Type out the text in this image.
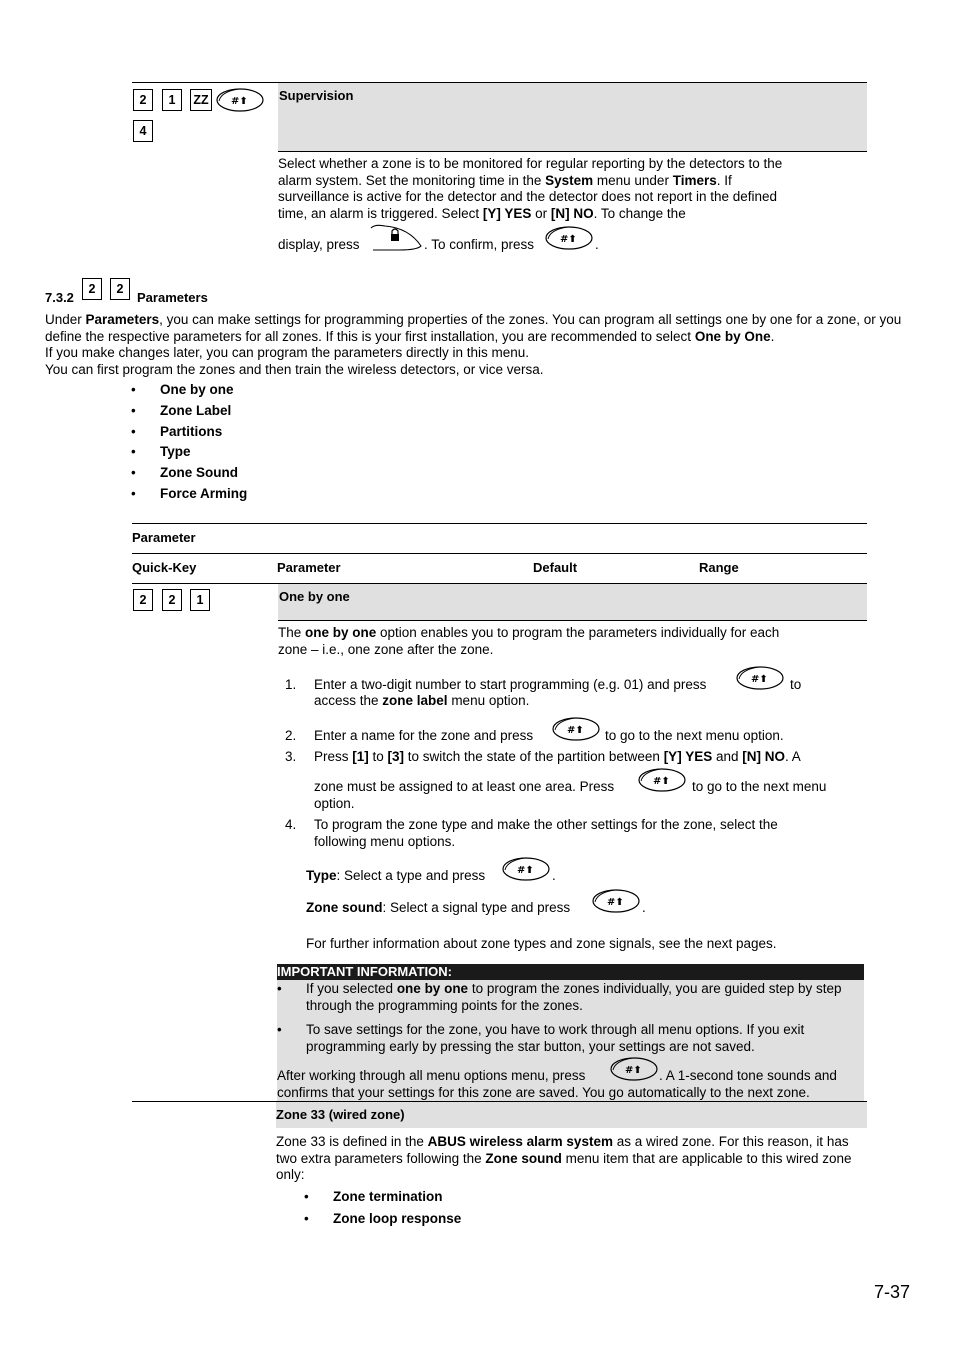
2	1	ZZ	#⬆
4
Supervision
Select whether a zone is to be monitored for regular reporting by the detectors to the alarm system. Set the monitoring time in the System menu under Timers. If surveillance is active for the detector and the detector does not report in the defined time, an alarm is triggered. Select [Y] YES or [N] NO. To change the
display, press	. To confirm, press	#⬆ .
7.3.2
2	2
Parameters
Under Parameters, you can make settings for programming properties of the zones. You can program all settings one by one for a zone, or you define the respective parameters for all zones. If this is your first installation, you are recommended to select One by One.
If you make changes later, you can program the parameters directly in this menu.
You can first program the zones and then train the wireless detectors, or vice versa.
• One by one
• Zone Label
• Partitions
• Type
• Zone Sound
• Force Arming
Parameter
Quick-Key	Parameter	Default	Range
2	2	1	One by one
The one by one option enables you to program the parameters individually for each zone – i.e., one zone after the zone.
1. Enter a two-digit number to start programming (e.g. 01) and press	#⬆ to
access the zone label menu option.
2. Enter a name for the zone and press	#⬆ to go to the next menu option.
3. Press [1] to [3] to switch the state of the partition between [Y] YES and [N] NO. A
zone must be assigned to at least one area. Press	#⬆ to go to the next menu
option.
4. To program the zone type and make the other settings for the zone, select the following menu options.
Type: Select a type and press	#⬆ .
Zone sound: Select a signal type and press	#⬆ .
For further information about zone types and zone signals, see the next pages.
IMPORTANT INFORMATION:
• If you selected one by one to program the zones individually, you are guided step by step through the programming points for the zones.
• To save settings for the zone, you have to work through all menu options. If you exit programming early by pressing the star button, your settings are not saved.
After working through all menu options menu, press	#⬆	. A 1-second tone sounds and confirms that your settings for this zone are saved. You go automatically to the next zone.
Zone 33 (wired zone)
Zone 33 is defined in the ABUS wireless alarm system as a wired zone. For this reason, it has two extra parameters following the Zone sound menu item that are applicable to this wired zone only:
• Zone termination
• Zone loop response
7-37
